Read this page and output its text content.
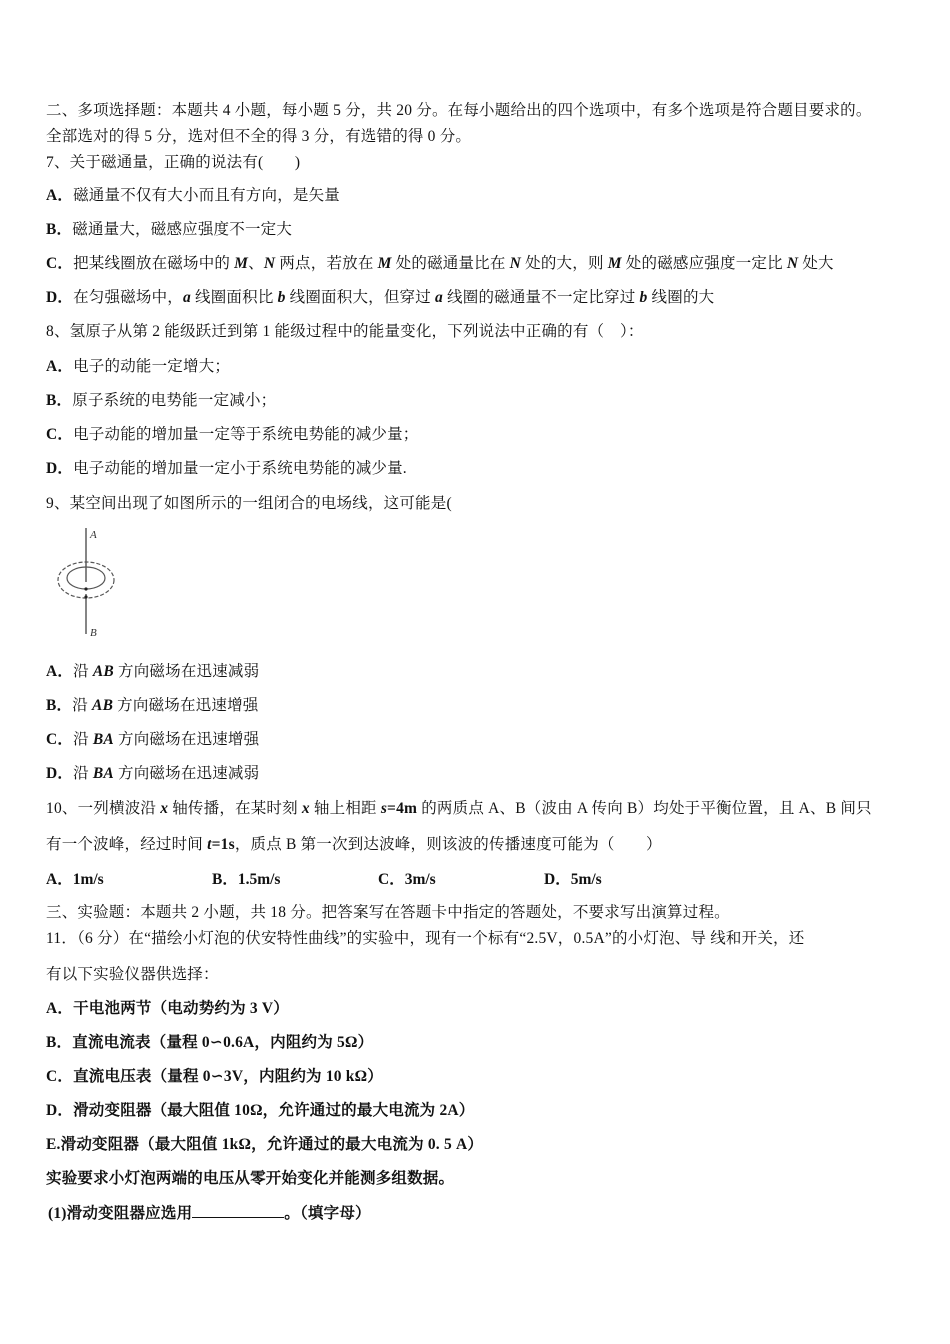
二、多项选择题：本题共 4 小题，每小题 5 分，共 20 分。在每小题给出的四个选项中，有多个选项是符合题目要求的。
全部选对的得 5 分，选对但不全的得 3 分，有选错的得 0 分。
7、关于磁通量，正确的说法有(　　)
A．磁通量不仅有大小而且有方向，是矢量
B．磁通量大，磁感应强度不一定大
C．把某线圈放在磁场中的 M、N 两点，若放在 M 处的磁通量比在 N 处的大，则 M 处的磁感应强度一定比 N 处大
D．在匀强磁场中，a 线圈面积比 b 线圈面积大，但穿过 a 线圈的磁通量不一定比穿过 b 线圈的大
8、氢原子从第 2 能级跃迁到第 1 能级过程中的能量变化，下列说法中正确的有（　）：
A．电子的动能一定增大；
B．原子系统的电势能一定减小；
C．电子动能的增加量一定等于系统电势能的减少量；
D．电子动能的增加量一定小于系统电势能的减少量.
9、某空间出现了如图所示的一组闭合的电场线，这可能是(
A
B
A．沿 AB 方向磁场在迅速减弱
B．沿 AB 方向磁场在迅速增强
C．沿 BA 方向磁场在迅速增强
D．沿 BA 方向磁场在迅速减弱
10、一列横波沿 x 轴传播，在某时刻 x 轴上相距 s=4m 的两质点 A、B（波由 A 传向 B）均处于平衡位置，且 A、B 间只
有一个波峰，经过时间 t=1s，质点 B 第一次到达波峰，则该波的传播速度可能为（　　）
A．1m/s	B．1.5m/s	C．3m/s	D．5m/s
三、实验题：本题共 2 小题，共 18 分。把答案写在答题卡中指定的答题处，不要求写出演算过程。
11．（6 分）在“描绘小灯泡的伏安特性曲线”的实验中，现有一个标有“2.5V，0.5A”的小灯泡、导 线和开关，还
有以下实验仪器供选择：
A．干电池两节（电动势约为 3 V）
B．直流电流表（量程 0∽0.6A，内阻约为 5Ω）
C．直流电压表（量程 0∽3V，内阻约为 10 kΩ）
D．滑动变阻器（最大阻值 10Ω，允许通过的最大电流为 2A）
E.滑动变阻器（最大阻值 1kΩ，允许通过的最大电流为 0. 5 A）
实验要求小灯泡两端的电压从零开始变化并能测多组数据。
(1)滑动变阻器应选用	。（填字母）
